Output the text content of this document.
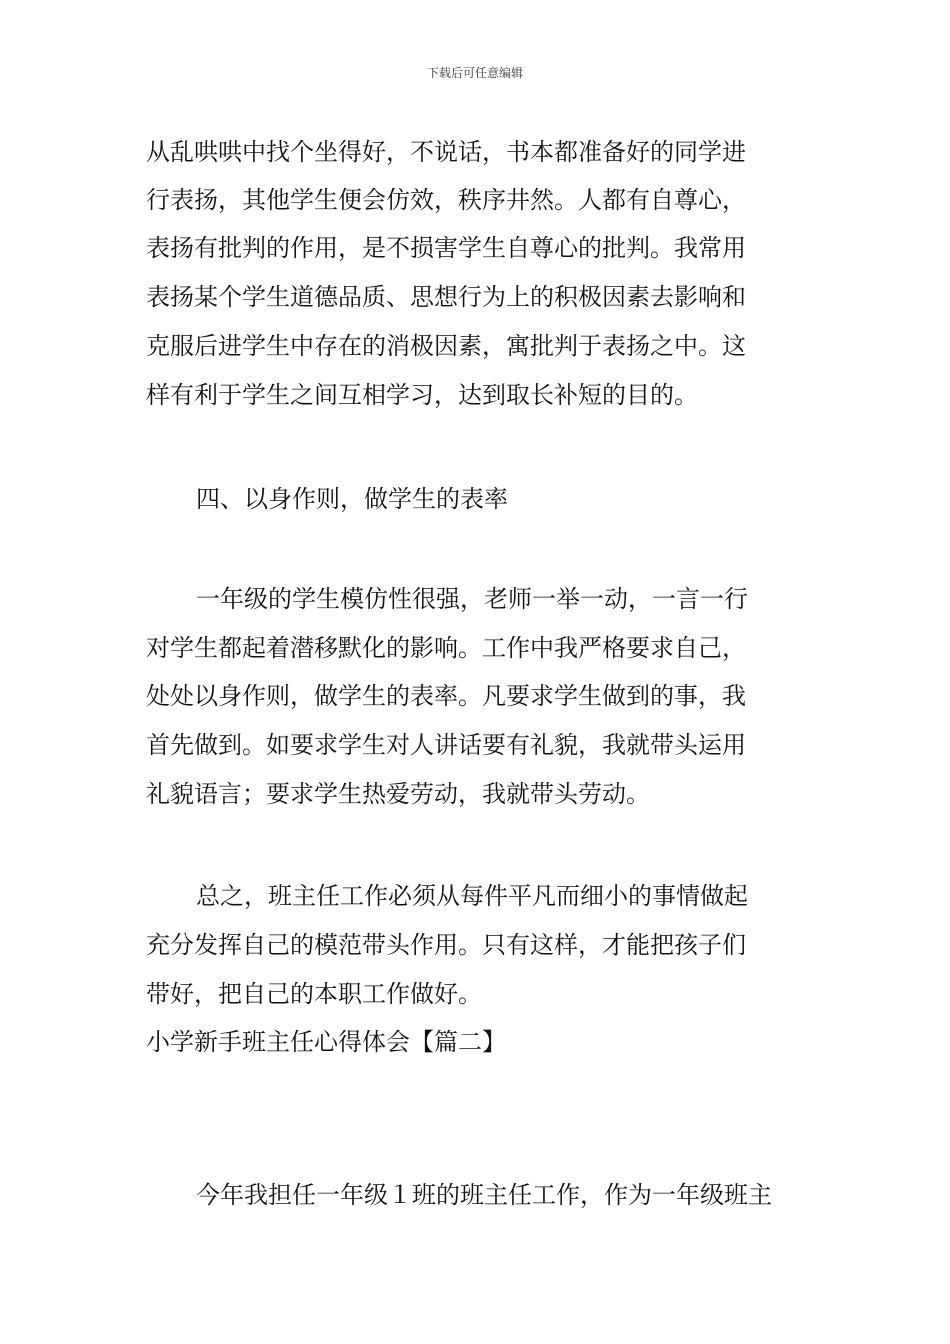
下载后可任意编辑
从乱哄哄中找个坐得好，不说话，书本都准备好的同学进
行表扬，其他学生便会仿效，秩序井然。人都有自尊心，
表扬有批判的作用，是不损害学生自尊心的批判。我常用
表扬某个学生道德品质、思想行为上的积极因素去影响和
克服后进学生中存在的消极因素，寓批判于表扬之中。这
样有利于学生之间互相学习，达到取长补短的目的。
四、以身作则，做学生的表率
一年级的学生模仿性很强，老师一举一动，一言一行
对学生都起着潜移默化的影响。工作中我严格要求自己，
处处以身作则，做学生的表率。凡要求学生做到的事，我
首先做到。如要求学生对人讲话要有礼貌，我就带头运用
礼貌语言；要求学生热爱劳动，我就带头劳动。
总之，班主任工作必须从每件平凡而细小的事情做起
充分发挥自己的模范带头作用。只有这样，才能把孩子们
带好，把自己的本职工作做好。
小学新手班主任心得体会【篇二】
今年我担任一年级１班的班主任工作，作为一年级班主
